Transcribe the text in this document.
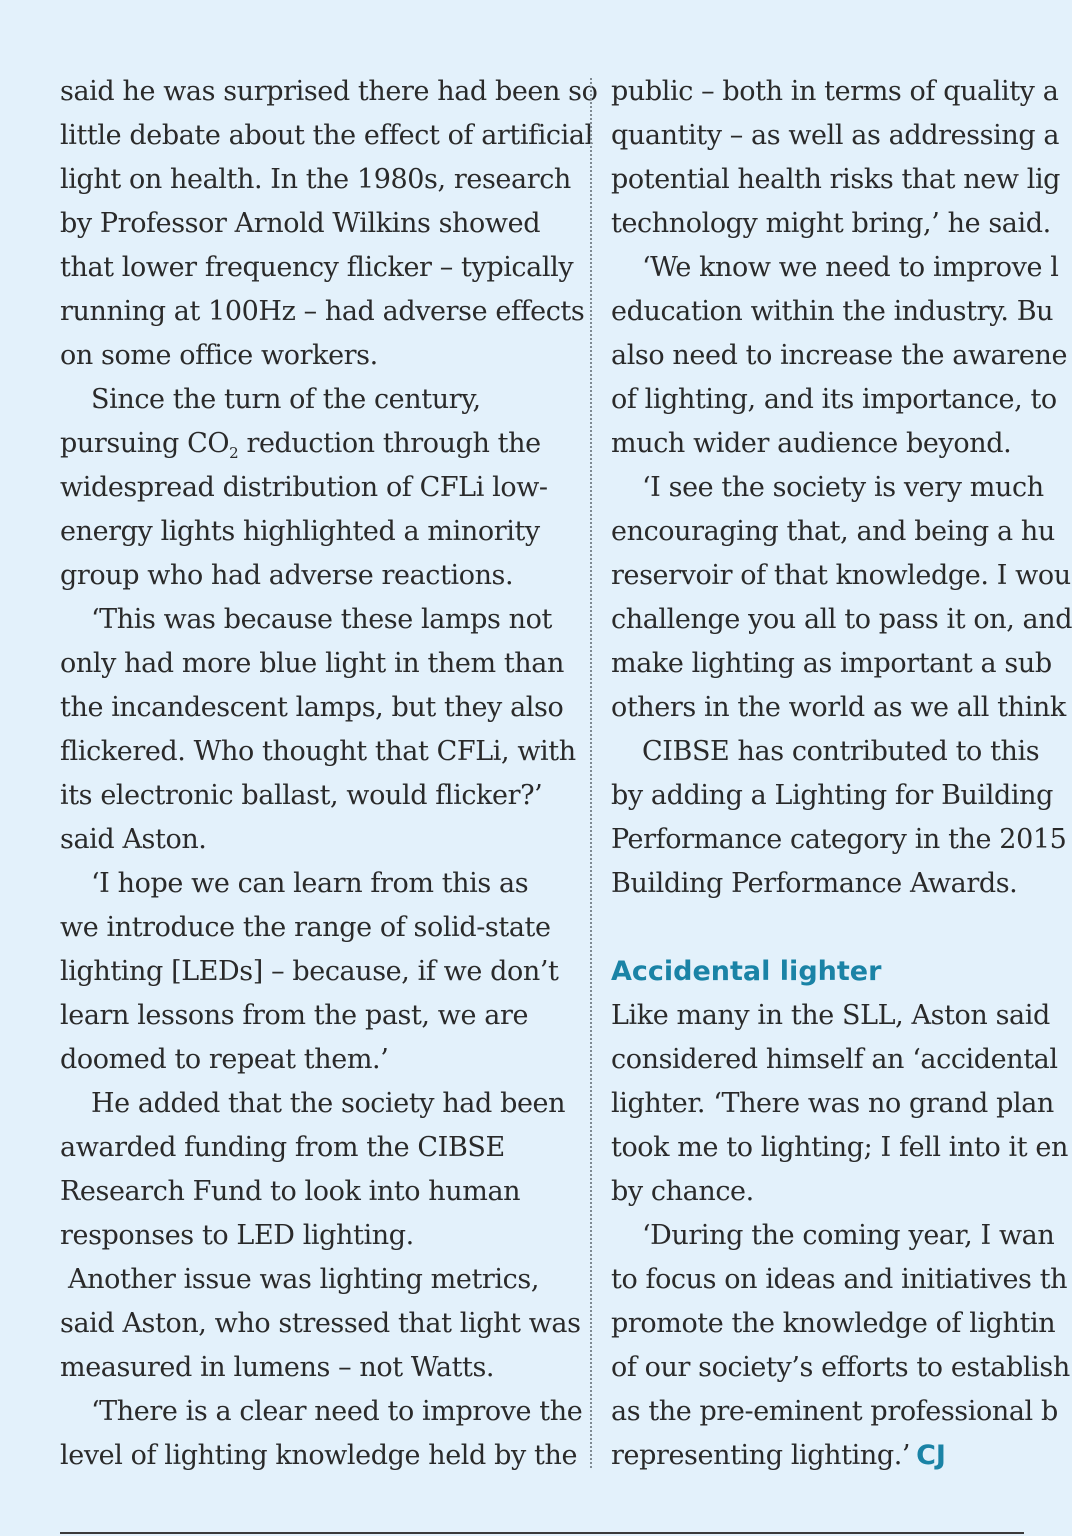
said he was surprised there had been so

little debate about the effect of artificial

light on health. In the 1980s, research

by Professor Arnold Wilkins showed

that lower frequency flicker – typically

running at 100Hz – had adverse effects

on some office workers.

Since the turn of the century,

pursuing $CO_2$ reduction through the

widespread distribution of CFLi low-

energy lights highlighted a minority

group who had adverse reactions.

‘This was because these lamps not

only had more blue light in them than

the incandescent lamps, but they also

flickered. Who thought that CFLi, with

its electronic ballast, would flicker?’

said Aston.

‘I hope we can learn from this as

we introduce the range of solid-state

lighting [LEDs] – because, if we don’t

learn lessons from the past, we are

doomed to repeat them.’

He added that the society had been

awarded funding from the CIBSE

Research Fund to look into human

responses to LED lighting.

Another issue was lighting metrics,

said Aston, who stressed that light was

measured in lumens – not Watts.

‘There is a clear need to improve the

level of lighting knowledge held by the

public – both in terms of quality a

quantity – as well as addressing a

potential health risks that new lig

technology might bring,’ he said.

‘We know we need to improve l

education within the industry. Bu

also need to increase the awarene

of lighting, and its importance, to

much wider audience beyond.

‘I see the society is very much

encouraging that, and being a hu

reservoir of that knowledge. I wou

challenge you all to pass it on, and

make lighting as important a sub

others in the world as we all think

CIBSE has contributed to this

by adding a Lighting for Building

Performance category in the 2015

Building Performance Awards.

Accidental lighter

Like many in the SLL, Aston said

considered himself an ‘accidental

lighter. ‘There was no grand plan

took me to lighting; I fell into it en

by chance.

‘During the coming year, I wan

to focus on ideas and initiatives th

promote the knowledge of lightin

of our society’s efforts to establish

as the pre-eminent professional b

representing lighting.’ CJ
